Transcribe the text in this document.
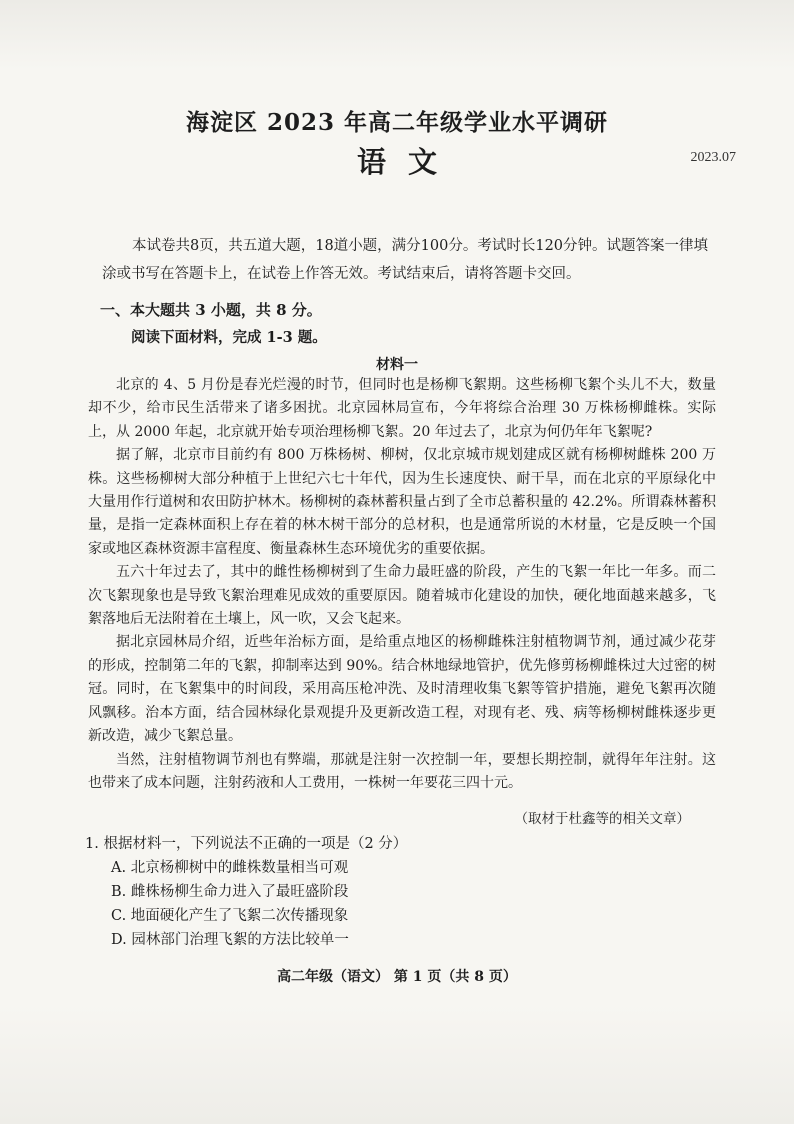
海淀区 2023 年高二年级学业水平调研
语文	2023.07
本试卷共8页，共五道大题，18道小题，满分100分。考试时长120分钟。试题答案一律填涂或书写在答题卡上，在试卷上作答无效。考试结束后，请将答题卡交回。
一、本大题共 3 小题，共 8 分。
阅读下面材料，完成 1-3 题。
材料一

北京的 4、5 月份是春光烂漫的时节，但同时也是杨柳飞絮期。这些杨柳飞絮个头儿不大，数量却不少，给市民生活带来了诸多困扰。北京园林局宣布，今年将综合治理 30 万株杨柳雌株。实际上，从 2000 年起，北京就开始专项治理杨柳飞絮。20 年过去了，北京为何仍年年飞絮呢?

据了解，北京市目前约有 800 万株杨树、柳树，仅北京城市规划建成区就有杨柳树雌株 200 万株。这些杨柳树大部分种植于上世纪六七十年代，因为生长速度快、耐干旱，而在北京的平原绿化中大量用作行道树和农田防护林木。杨柳树的森林蓄积量占到了全市总蓄积量的 42.2%。所谓森林蓄积量，是指一定森林面积上存在着的林木树干部分的总材积，也是通常所说的木材量，它是反映一个国家或地区森林资源丰富程度、衡量森林生态环境优劣的重要依据。

五六十年过去了，其中的雌性杨柳树到了生命力最旺盛的阶段，产生的飞絮一年比一年多。而二次飞絮现象也是导致飞絮治理难见成效的重要原因。随着城市化建设的加快，硬化地面越来越多，飞絮落地后无法附着在土壤上，风一吹，又会飞起来。

据北京园林局介绍，近些年治标方面，是给重点地区的杨柳雌株注射植物调节剂，通过减少花芽的形成，控制第二年的飞絮，抑制率达到 90%。结合林地绿地管护，优先修剪杨柳雌株过大过密的树冠。同时，在飞絮集中的时间段，采用高压枪冲洗、及时清理收集飞絮等管护措施，避免飞絮再次随风飘移。治本方面，结合园林绿化景观提升及更新改造工程，对现有老、残、病等杨柳树雌株逐步更新改造，减少飞絮总量。

当然，注射植物调节剂也有弊端，那就是注射一次控制一年，要想长期控制，就得年年注射。这也带来了成本问题，注射药液和人工费用，一株树一年要花三四十元。

（取材于杜鑫等的相关文章）
1. 根据材料一，下列说法不正确的一项是（2 分）
A. 北京杨柳树中的雌株数量相当可观
B. 雌株杨柳生命力进入了最旺盛阶段
C. 地面硬化产生了飞絮二次传播现象
D. 园林部门治理飞絮的方法比较单一
高二年级（语文） 第 1 页（共 8 页）
